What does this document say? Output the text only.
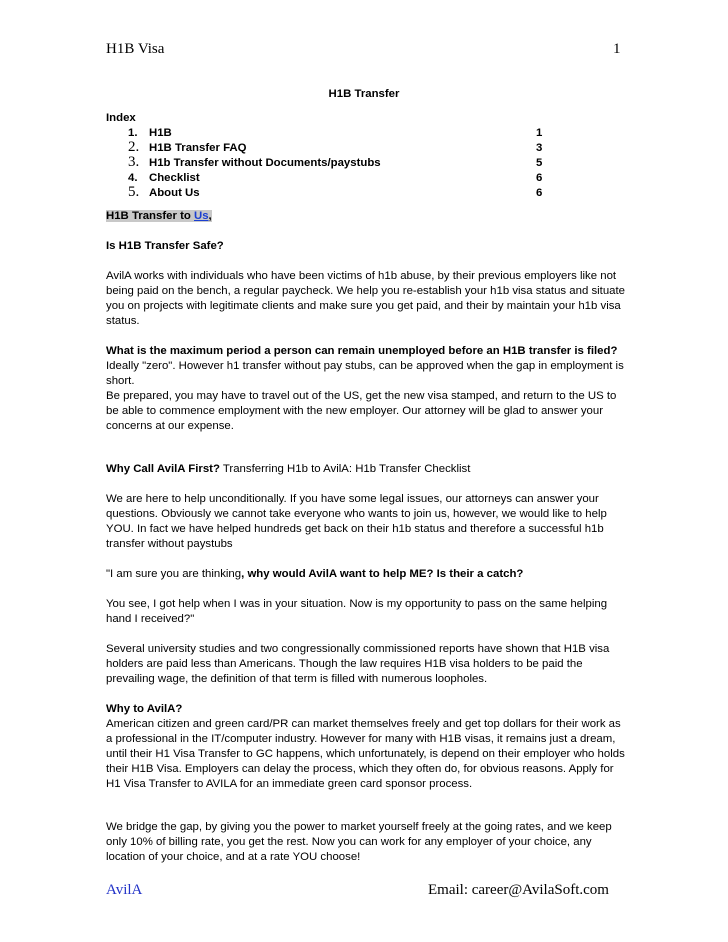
H1B Visa	1
H1B Transfer
Index
1. H1B	1
2. H1B Transfer FAQ	3
3. H1b Transfer without Documents/paystubs	5
4. Checklist	6
5. About Us	6

H1B Transfer to Us,

Is H1B Transfer Safe?

AvilA works with individuals who have been victims of h1b abuse, by their previous employers like not being paid on the bench, a regular paycheck. We help you re-establish your h1b visa status and situate you on projects with legitimate clients and make sure you get paid, and their by maintain your h1b visa status.

What is the maximum period a person can remain unemployed before an H1B transfer is filed?

Ideally "zero". However h1 transfer without pay stubs, can be approved when the gap in employment is short.

Be prepared, you may have to travel out of the US, get the new visa stamped, and return to the US to be able to commence employment with the new employer. Our attorney will be glad to answer your concerns at our expense.

Why Call AvilA First? Transferring H1b to AvilA: H1b Transfer Checklist

We are here to help unconditionally. If you have some legal issues, our attorneys can answer your questions. Obviously we cannot take everyone who wants to join us, however, we would like to help YOU. In fact we have helped hundreds get back on their h1b status and therefore a successful h1b transfer without paystubs

"I am sure you are thinking, why would AvilA want to help ME? Is their a catch?

You see, I got help when I was in your situation. Now is my opportunity to pass on the same helping hand I received?"

Several university studies and two congressionally commissioned reports have shown that H1B visa holders are paid less than Americans. Though the law requires H1B visa holders to be paid the prevailing wage, the definition of that term is filled with numerous loopholes.

Why to AvilA?

American citizen and green card/PR can market themselves freely and get top dollars for their work as a professional in the IT/computer industry. However for many with H1B visas, it remains just a dream, until their H1 Visa Transfer to GC happens, which unfortunately, is depend on their employer who holds their H1B Visa. Employers can delay the process, which they often do, for obvious reasons. Apply for H1 Visa Transfer to AVILA for an immediate green card sponsor process.

We bridge the gap, by giving you the power to market yourself freely at the going rates, and we keep only 10% of billing rate, you get the rest. Now you can work for any employer of your choice, any location of your choice, and at a rate YOU choose!

AvilA	Email: career@AvilaSoft.com
